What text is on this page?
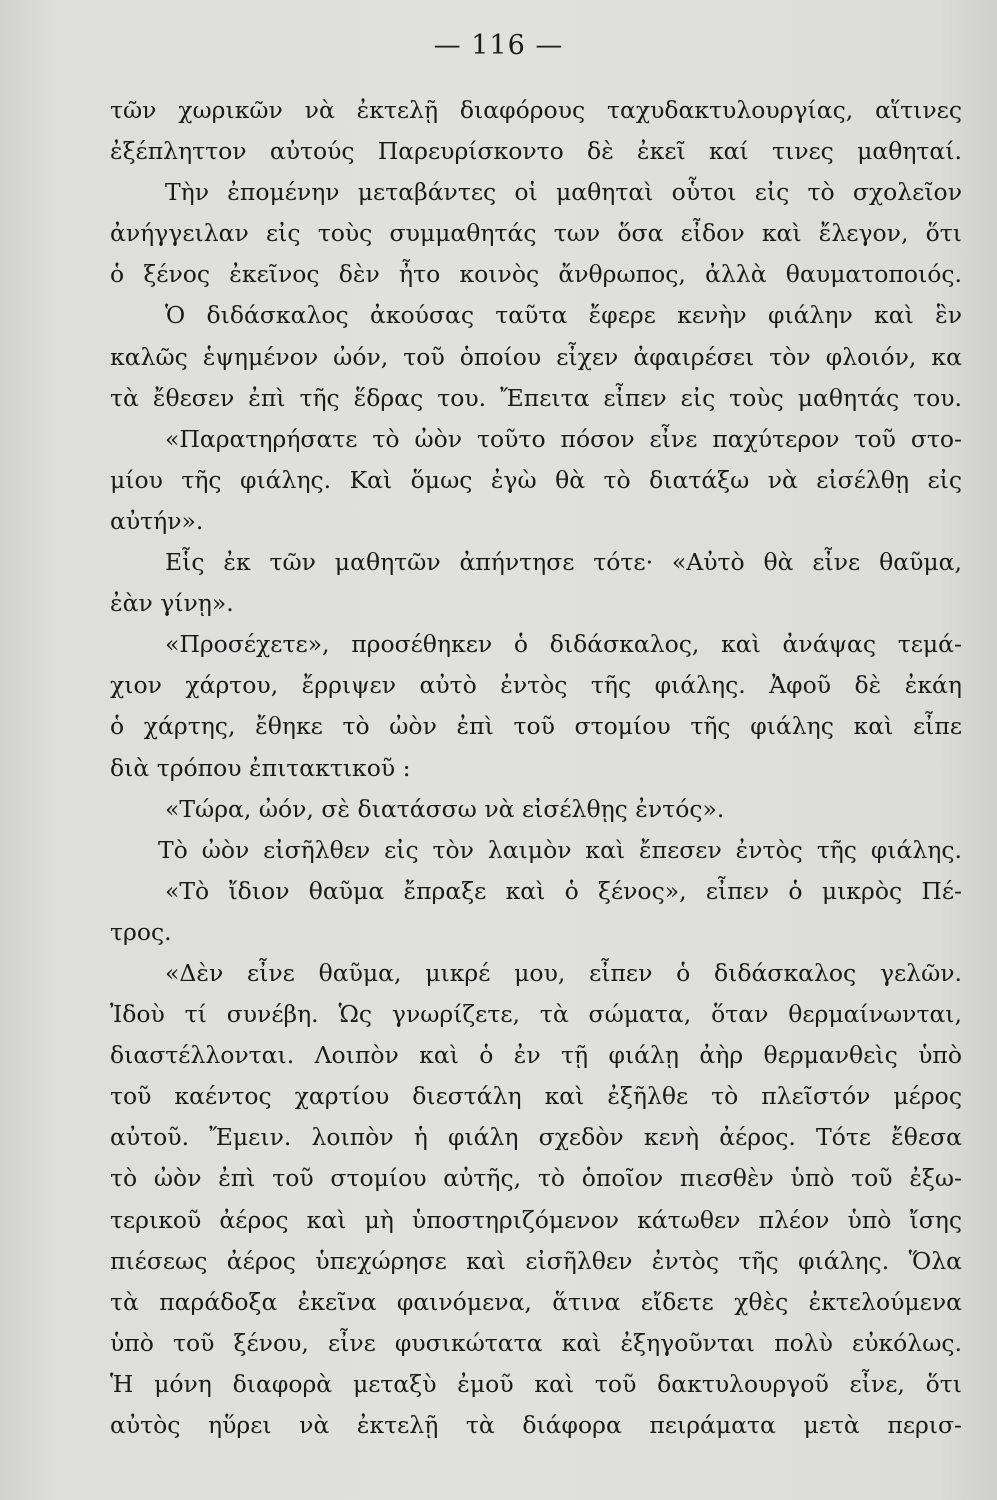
— 116 —
τῶν χωρικῶν νὰ ἐκτελῇ διαφόρους ταχυδακτυλουργίας, αἵτινες
ἐξέπληττον αὐτούς Παρευρίσκοντο δὲ ἐκεῖ καί τινες μαθηταί.
Τὴν ἐπομένην μεταβάντες οἱ μαθηταὶ οὗτοι εἰς τὸ σχολεῖον
ἀνήγγειλαν εἰς τοὺς συμμαθητάς των ὅσα εἶδον καὶ ἔλεγον, ὅτι
ὁ ξένος ἐκεῖνος δὲν ἦτο κοινὸς ἄνθρωπος, ἀλλὰ θαυματοποιός.
Ὁ διδάσκαλος ἀκούσας ταῦτα ἔφερε κενὴν φιάλην καὶ ἓν
καλῶς ἑψημένον ὠόν, τοῦ ὁποίου εἶχεν ἀφαιρέσει τὸν φλοιόν, κα
τὰ ἔθεσεν ἐπὶ τῆς ἕδρας του. Ἔπειτα εἶπεν εἰς τοὺς μαθητάς του.
«Παρατηρήσατε τὸ ὠὸν τοῦτο πόσον εἶνε παχύτερον τοῦ στο-
μίου τῆς φιάλης. Καὶ ὅμως ἐγὼ θὰ τὸ διατάξω νὰ εἰσέλθῃ εἰς
αὐτήν».
Εἷς ἐκ τῶν μαθητῶν ἀπήντησε τότε· «Αὐτὸ θὰ εἶνε θαῦμα,
ἐὰν γίνῃ».
«Προσέχετε», προσέθηκεν ὁ διδάσκαλος, καὶ ἀνάψας τεμά-
χιον χάρτου, ἔρριψεν αὐτὸ ἐντὸς τῆς φιάλης. Ἀφοῦ δὲ ἐκάη
ὁ χάρτης, ἔθηκε τὸ ὠὸν ἐπὶ τοῦ στομίου τῆς φιάλης καὶ εἶπε
διὰ τρόπου ἐπιτακτικοῦ :
«Τώρα, ὠόν, σὲ διατάσσω νὰ εἰσέλθῃς ἐντός».
Τὸ ὠὸν εἰσῆλθεν εἰς τὸν λαιμὸν καὶ ἔπεσεν ἐντὸς τῆς φιάλης.
«Τὸ ἴδιον θαῦμα ἔπραξε καὶ ὁ ξένος», εἶπεν ὁ μικρὸς Πέ-
τρος.
«Δὲν εἶνε θαῦμα, μικρέ μου, εἶπεν ὁ διδάσκαλος γελῶν.
Ἰδοὺ τί συνέβη. Ὡς γνωρίζετε, τὰ σώματα, ὅταν θερμαίνωνται,
διαστέλλονται. Λοιπὸν καὶ ὁ ἐν τῇ φιάλῃ ἀὴρ θερμανθεὶς ὑπὸ
τοῦ καέντος χαρτίου διεστάλη καὶ ἐξῆλθε τὸ πλεῖστόν μέρος
αὐτοῦ. Ἔμειν. λοιπὸν ἡ φιάλη σχεδὸν κενὴ ἀέρος. Τότε ἔθεσα
τὸ ὠὸν ἐπὶ τοῦ στομίου αὐτῆς, τὸ ὁποῖον πιεσθὲν ὑπὸ τοῦ ἐξω-
τερικοῦ ἀέρος καὶ μὴ ὑποστηριζόμενον κάτωθεν πλέον ὑπὸ ἴσης
πιέσεως ἀέρος ὑπεχώρησε καὶ εἰσῆλθεν ἐντὸς τῆς φιάλης. Ὅλα
τὰ παράδοξα ἐκεῖνα φαινόμενα, ἅτινα εἴδετε χθὲς ἐκτελούμενα
ὑπὸ τοῦ ξένου, εἶνε φυσικώτατα καὶ ἐξηγοῦνται πολὺ εὐκόλως.
Ἡ μόνη διαφορὰ μεταξὺ ἐμοῦ καὶ τοῦ δακτυλουργοῦ εἶνε, ὅτι
αὐτὸς ηὕρει νὰ ἐκτελῇ τὰ διάφορα πειράματα μετὰ περισ-
